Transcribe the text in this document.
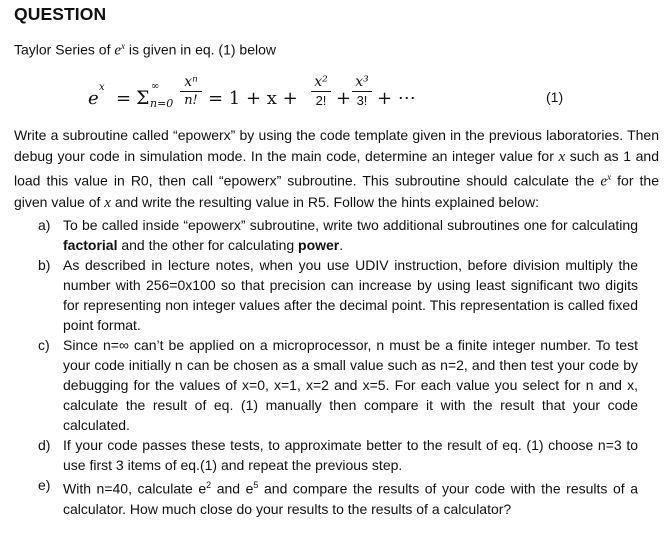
QUESTION
Taylor Series of $e^x$ is given in eq. (1) below
e
x
= Σ
∞
n=0
xⁿ
n! = 1 + x +
x²
2! +
x³
3! + ⋯	(1)
Write a subroutine called “epowerx” by using the code template given in the previous laboratories. Then debug your code in simulation mode. In the main code, determine an integer value for x such as 1 and load this value in R0, then call “epowerx” subroutine. This subroutine should calculate the $e^x$ for the given value of x and write the resulting value in R5. Follow the hints explained below:
a) To be called inside “epowerx” subroutine, write two additional subroutines one for calculating factorial and the other for calculating power.
b) As described in lecture notes, when you use UDIV instruction, before division multiply the number with 256=0x100 so that precision can increase by using least significant two digits for representing non integer values after the decimal point. This representation is called fixed point format.
c) Since n=∞ can’t be applied on a microprocessor, n must be a finite integer number. To test your code initially n can be chosen as a small value such as n=2, and then test your code by debugging for the values of x=0, x=1, x=2 and x=5. For each value you select for n and x, calculate the result of eq. (1) manually then compare it with the result that your code calculated.
d) If your code passes these tests, to approximate better to the result of eq. (1) choose n=3 to use first 3 items of eq.(1) and repeat the previous step.
e) With n=40, calculate $e^2$ and $e^5$ and compare the results of your code with the results of a calculator. How much close do your results to the results of a calculator?
